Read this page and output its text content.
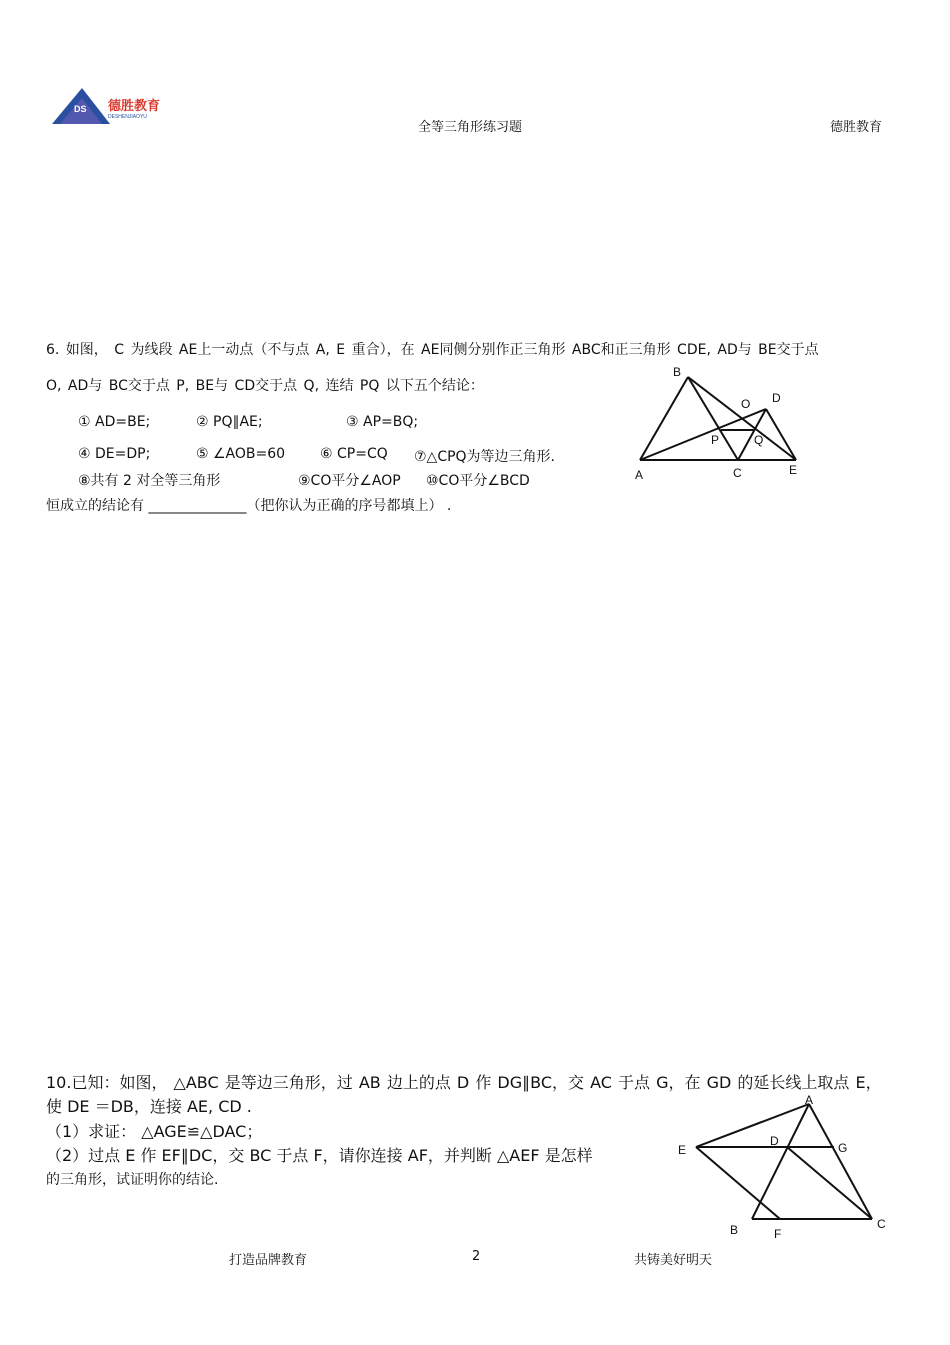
DS 德胜教育
DESHENJIAOYU
全等三角形练习题	德胜教育
6. 如图， C 为线段 AE上一动点（不与点 A, E 重合），在 AE同侧分别作正三角形 ABC和正三角形 CDE, AD与 BE交于点
O, AD与 BC交于点 P, BE与 CD交于点 Q, 连结 PQ 以下五个结论：
① AD=BE;	② PQ∥AE;	③ AP=BQ;
④ DE=DP;	⑤ ∠AOB=60 ⑥ CP=CQ ⑦△CPQ为等边三角形.
⑧共有 2 对全等三角形	⑨CO平分∠AOP ⑩CO平分∠BCD
恒成立的结论有 ______________（把你认为正确的序号都填上） .
B
D
O
P	Q
A	C	E
10.已知：如图， △ABC 是等边三角形，过 AB 边上的点 D 作 DG∥BC，交 AC 于点 G，在 GD 的延长线上取点 E，
使 DE ＝DB，连接 AE, CD .
（1）求证： △AGE≌△DAC；
（2）过点 E 作 EF∥DC，交 BC 于点 F，请你连接 AF，并判断 △AEF 是怎样
的三角形，试证明你的结论.
A
D	G
E
B	F
C
打造品牌教育	2	共铸美好明天
